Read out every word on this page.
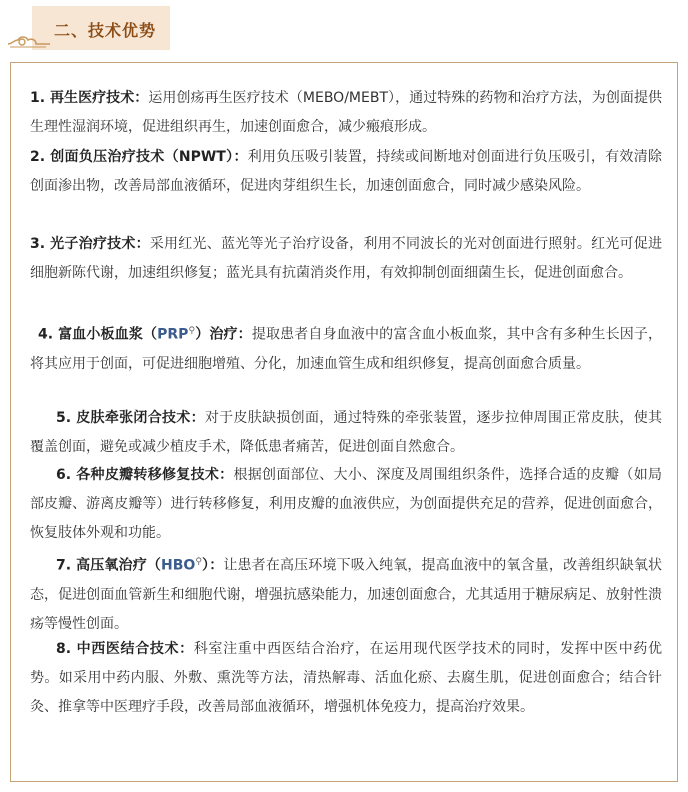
二、技术优势
1. 再生医疗技术：运用创疡再生医疗技术（MEBO/MEBT），通过特殊的药物和治疗方法，为创面提供生理性湿润环境，促进组织再生，加速创面愈合，减少瘢痕形成。
2. 创面负压治疗技术（NPWT）：利用负压吸引装置，持续或间断地对创面进行负压吸引，有效清除创面渗出物，改善局部血液循环，促进肉芽组织生长，加速创面愈合，同时减少感染风险。
3. 光子治疗技术：采用红光、蓝光等光子治疗设备，利用不同波长的光对创面进行照射。红光可促进细胞新陈代谢，加速组织修复；蓝光具有抗菌消炎作用，有效抑制创面细菌生长，促进创面愈合。
4. 富血小板血浆（PRP⚲）治疗：提取患者自身血液中的富含血小板血浆，其中含有多种生长因子，将其应用于创面，可促进细胞增殖、分化，加速血管生成和组织修复，提高创面愈合质量。
5. 皮肤牵张闭合技术：对于皮肤缺损创面，通过特殊的牵张装置，逐步拉伸周围正常皮肤，使其覆盖创面，避免或减少植皮手术，降低患者痛苦，促进创面自然愈合。
6. 各种皮瓣转移修复技术：根据创面部位、大小、深度及周围组织条件，选择合适的皮瓣（如局部皮瓣、游离皮瓣等）进行转移修复，利用皮瓣的血液供应，为创面提供充足的营养，促进创面愈合，恢复肢体外观和功能。
7. 高压氧治疗（HBO⚲）：让患者在高压环境下吸入纯氧，提高血液中的氧含量，改善组织缺氧状态，促进创面血管新生和细胞代谢，增强抗感染能力，加速创面愈合，尤其适用于糖尿病足、放射性溃疡等慢性创面。
8. 中西医结合技术：科室注重中西医结合治疗，在运用现代医学技术的同时，发挥中医中药优势。如采用中药内服、外敷、熏洗等方法，清热解毒、活血化瘀、去腐生肌，促进创面愈合；结合针灸、推拿等中医理疗手段，改善局部血液循环，增强机体免疫力，提高治疗效果。
